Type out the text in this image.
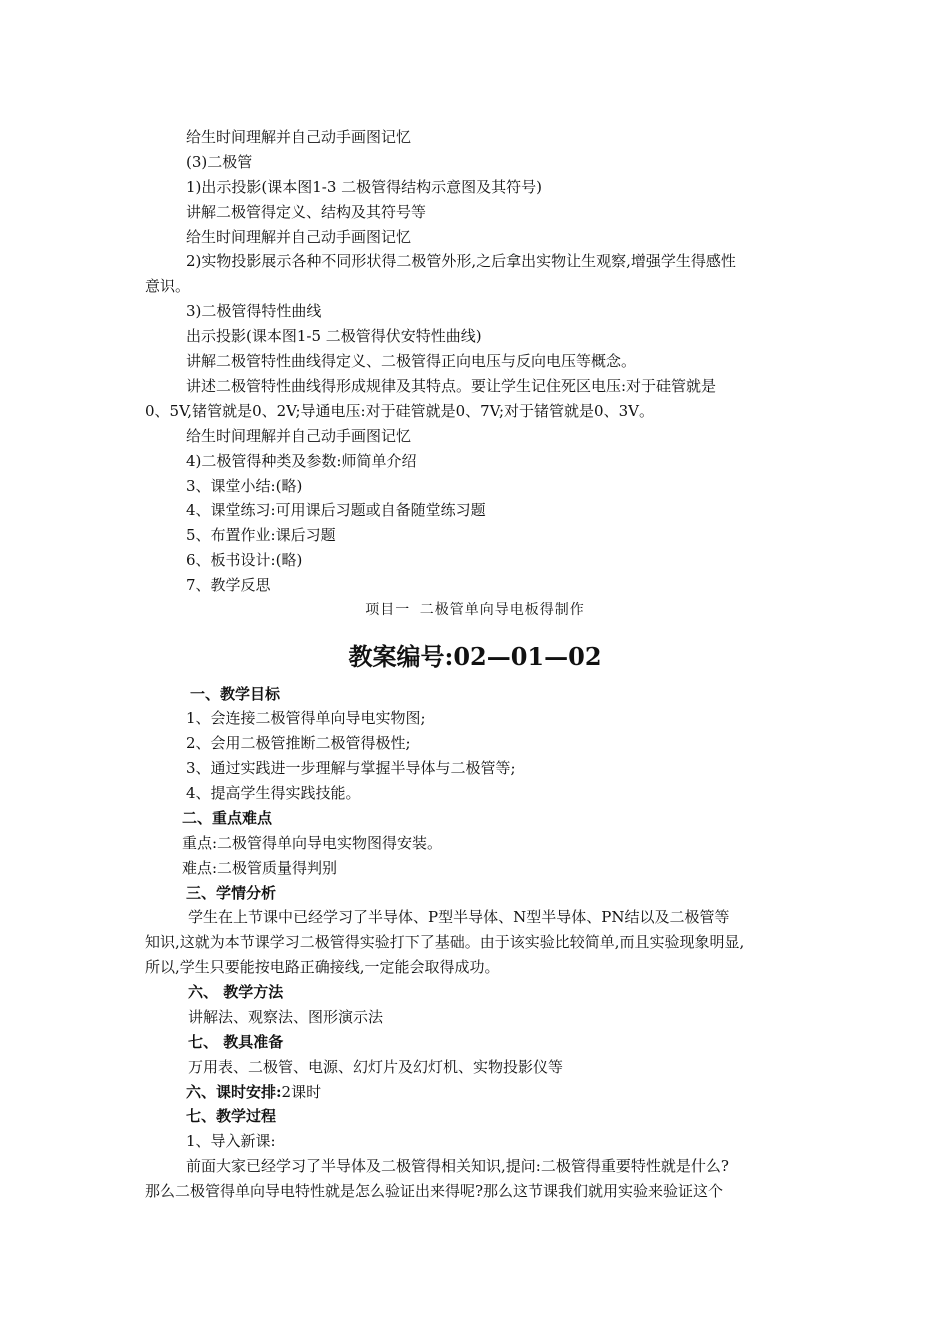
给生时间理解并自己动手画图记忆
(3)二极管
1)出示投影(课本图1-3 二极管得结构示意图及其符号)
讲解二极管得定义、结构及其符号等
给生时间理解并自己动手画图记忆
2)实物投影展示各种不同形状得二极管外形,之后拿出实物让生观察,增强学生得感性
意识。
3)二极管得特性曲线
出示投影(课本图1-5 二极管得伏安特性曲线)
讲解二极管特性曲线得定义、二极管得正向电压与反向电压等概念。
讲述二极管特性曲线得形成规律及其特点。要让学生记住死区电压:对于硅管就是
0、5V,锗管就是0、2V;导通电压:对于硅管就是0、7V;对于锗管就是0、3V。
给生时间理解并自己动手画图记忆
4)二极管得种类及参数:师简单介绍
3、课堂小结:(略)
4、课堂练习:可用课后习题或自备随堂练习题
5、布置作业:课后习题
6、板书设计:(略)
7、教学反思
项目一 二极管单向导电板得制作
教案编号:02—01—02
一、教学目标
1、会连接二极管得单向导电实物图;
2、会用二极管推断二极管得极性;
3、通过实践进一步理解与掌握半导体与二极管等;
4、提高学生得实践技能。
二、重点难点
重点:二极管得单向导电实物图得安装。
难点:二极管质量得判别
三、学情分析
学生在上节课中已经学习了半导体、P型半导体、N型半导体、PN结以及二极管等
知识,这就为本节课学习二极管得实验打下了基础。由于该实验比较简单,而且实验现象明显,
所以,学生只要能按电路正确接线,一定能会取得成功。
六、 教学方法
讲解法、观察法、图形演示法
七、 教具准备
万用表、二极管、电源、幻灯片及幻灯机、实物投影仪等
六、课时安排:2课时
七、教学过程
1、导入新课:
前面大家已经学习了半导体及二极管得相关知识,提问:二极管得重要特性就是什么?
那么二极管得单向导电特性就是怎么验证出来得呢?那么这节课我们就用实验来验证这个
